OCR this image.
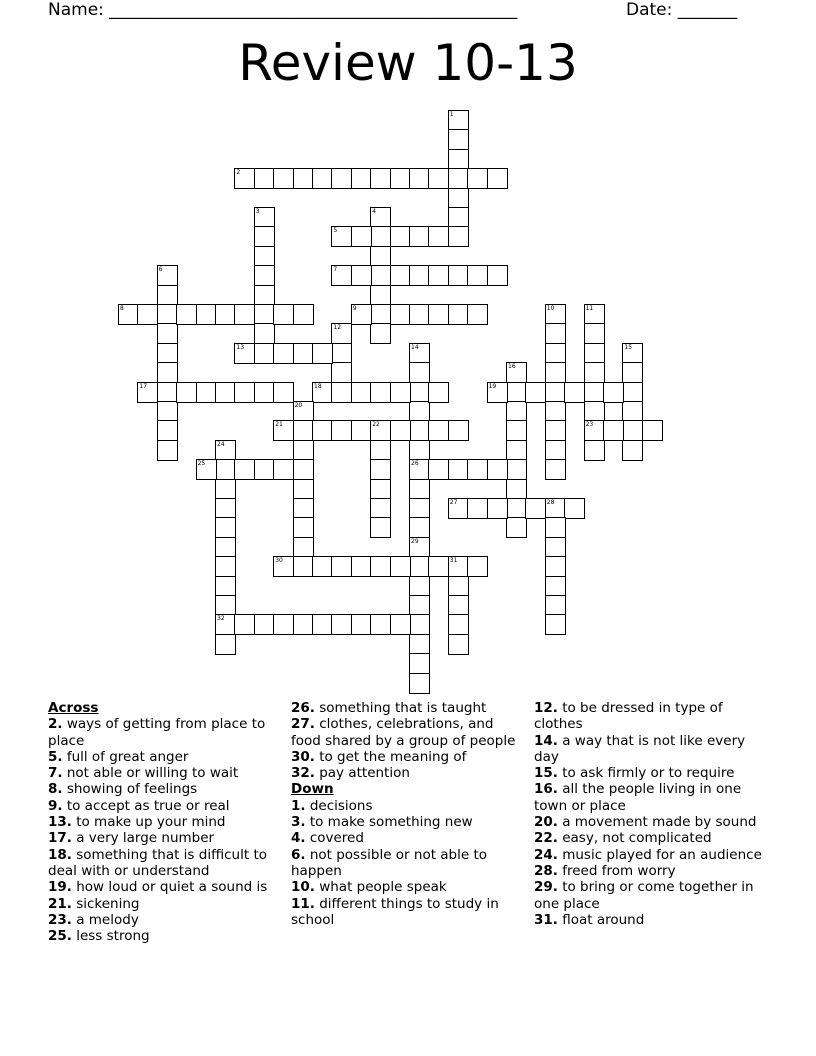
Name: ________________________________________________	Date: _______
Review 10-13
1
2
3	4
5
6	7
8	9	10	11
23
12
13	14
26
15
16
17	18	19
20
21	22
24
32
25
27	28
29
30	31
Across
2. ways of getting from place to place
5. full of great anger
7. not able or willing to wait
8. showing of feelings
9. to accept as true or real
13. to make up your mind
17. a very large number
18. something that is difficult to deal with or understand
19. how loud or quiet a sound is
21. sickening
23. a melody
25. less strong
26. something that is taught
27. clothes, celebrations, and food shared by a group of people
30. to get the meaning of
32. pay attention
Down
1. decisions
3. to make something new
4. covered
6. not possible or not able to happen
10. what people speak
11. different things to study in school
12. to be dressed in type of clothes
14. a way that is not like every day
15. to ask firmly or to require
16. all the people living in one town or place
20. a movement made by sound
22. easy, not complicated
24. music played for an audience
28. freed from worry
29. to bring or come together in one place
31. float around
